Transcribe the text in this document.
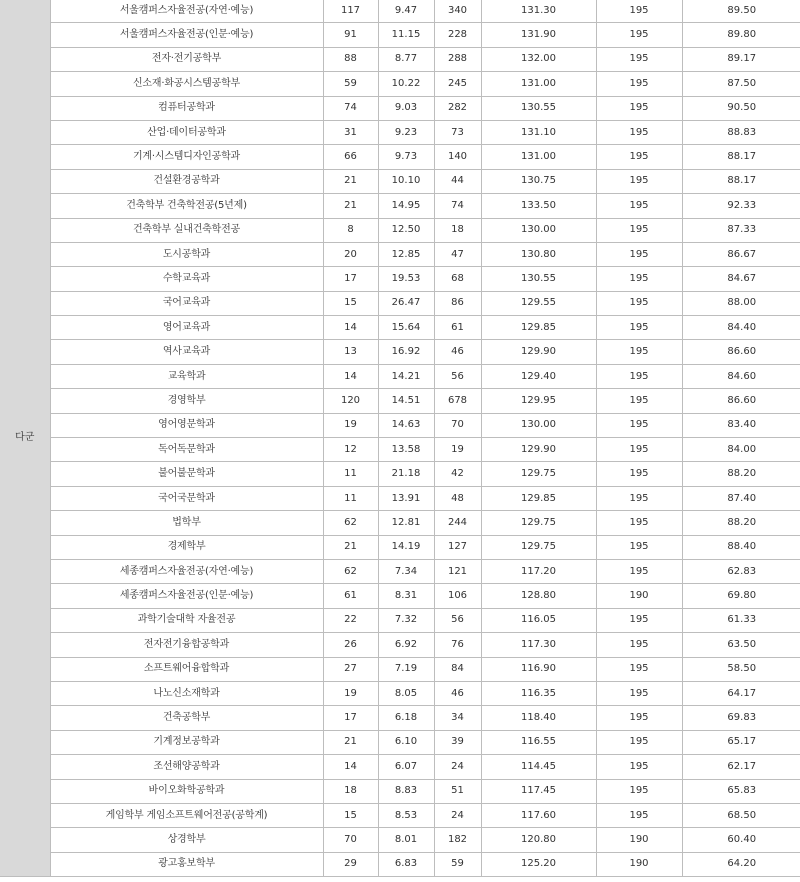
다군	서울캠퍼스자율전공(자연·예능)	117	9.47	340	131.30	195	89.50
	서울캠퍼스자율전공(인문·예능)	91	11.15	228	131.90	195	89.80
	전자·전기공학부	88	8.77	288	132.00	195	89.17
	신소재·화공시스템공학부	59	10.22	245	131.00	195	87.50
	컴퓨터공학과	74	9.03	282	130.55	195	90.50
	산업·데이터공학과	31	9.23	73	131.10	195	88.83
	기계·시스템디자인공학과	66	9.73	140	131.00	195	88.17
	건설환경공학과	21	10.10	44	130.75	195	88.17
	건축학부 건축학전공(5년제)	21	14.95	74	133.50	195	92.33
	건축학부 실내건축학전공	8	12.50	18	130.00	195	87.33
	도시공학과	20	12.85	47	130.80	195	86.67
	수학교육과	17	19.53	68	130.55	195	84.67
	국어교육과	15	26.47	86	129.55	195	88.00
	영어교육과	14	15.64	61	129.85	195	84.40
	역사교육과	13	16.92	46	129.90	195	86.60
	교육학과	14	14.21	56	129.40	195	84.60
	경영학부	120	14.51	678	129.95	195	86.60
	영어영문학과	19	14.63	70	130.00	195	83.40
	독어독문학과	12	13.58	19	129.90	195	84.00
	불어불문학과	11	21.18	42	129.75	195	88.20
	국어국문학과	11	13.91	48	129.85	195	87.40
	법학부	62	12.81	244	129.75	195	88.20
	경제학부	21	14.19	127	129.75	195	88.40
	세종캠퍼스자율전공(자연·예능)	62	7.34	121	117.20	195	62.83
	세종캠퍼스자율전공(인문·예능)	61	8.31	106	128.80	190	69.80
	과학기술대학 자율전공	22	7.32	56	116.05	195	61.33
	전자전기융합공학과	26	6.92	76	117.30	195	63.50
	소프트웨어융합학과	27	7.19	84	116.90	195	58.50
	나노신소재학과	19	8.05	46	116.35	195	64.17
	건축공학부	17	6.18	34	118.40	195	69.83
	기계정보공학과	21	6.10	39	116.55	195	65.17
	조선해양공학과	14	6.07	24	114.45	195	62.17
	바이오화학공학과	18	8.83	51	117.45	195	65.83
	게임학부 게임소프트웨어전공(공학계)	15	8.53	24	117.60	195	68.50
	상경학부	70	8.01	182	120.80	190	60.40
	광고홍보학부	29	6.83	59	125.20	190	64.20
